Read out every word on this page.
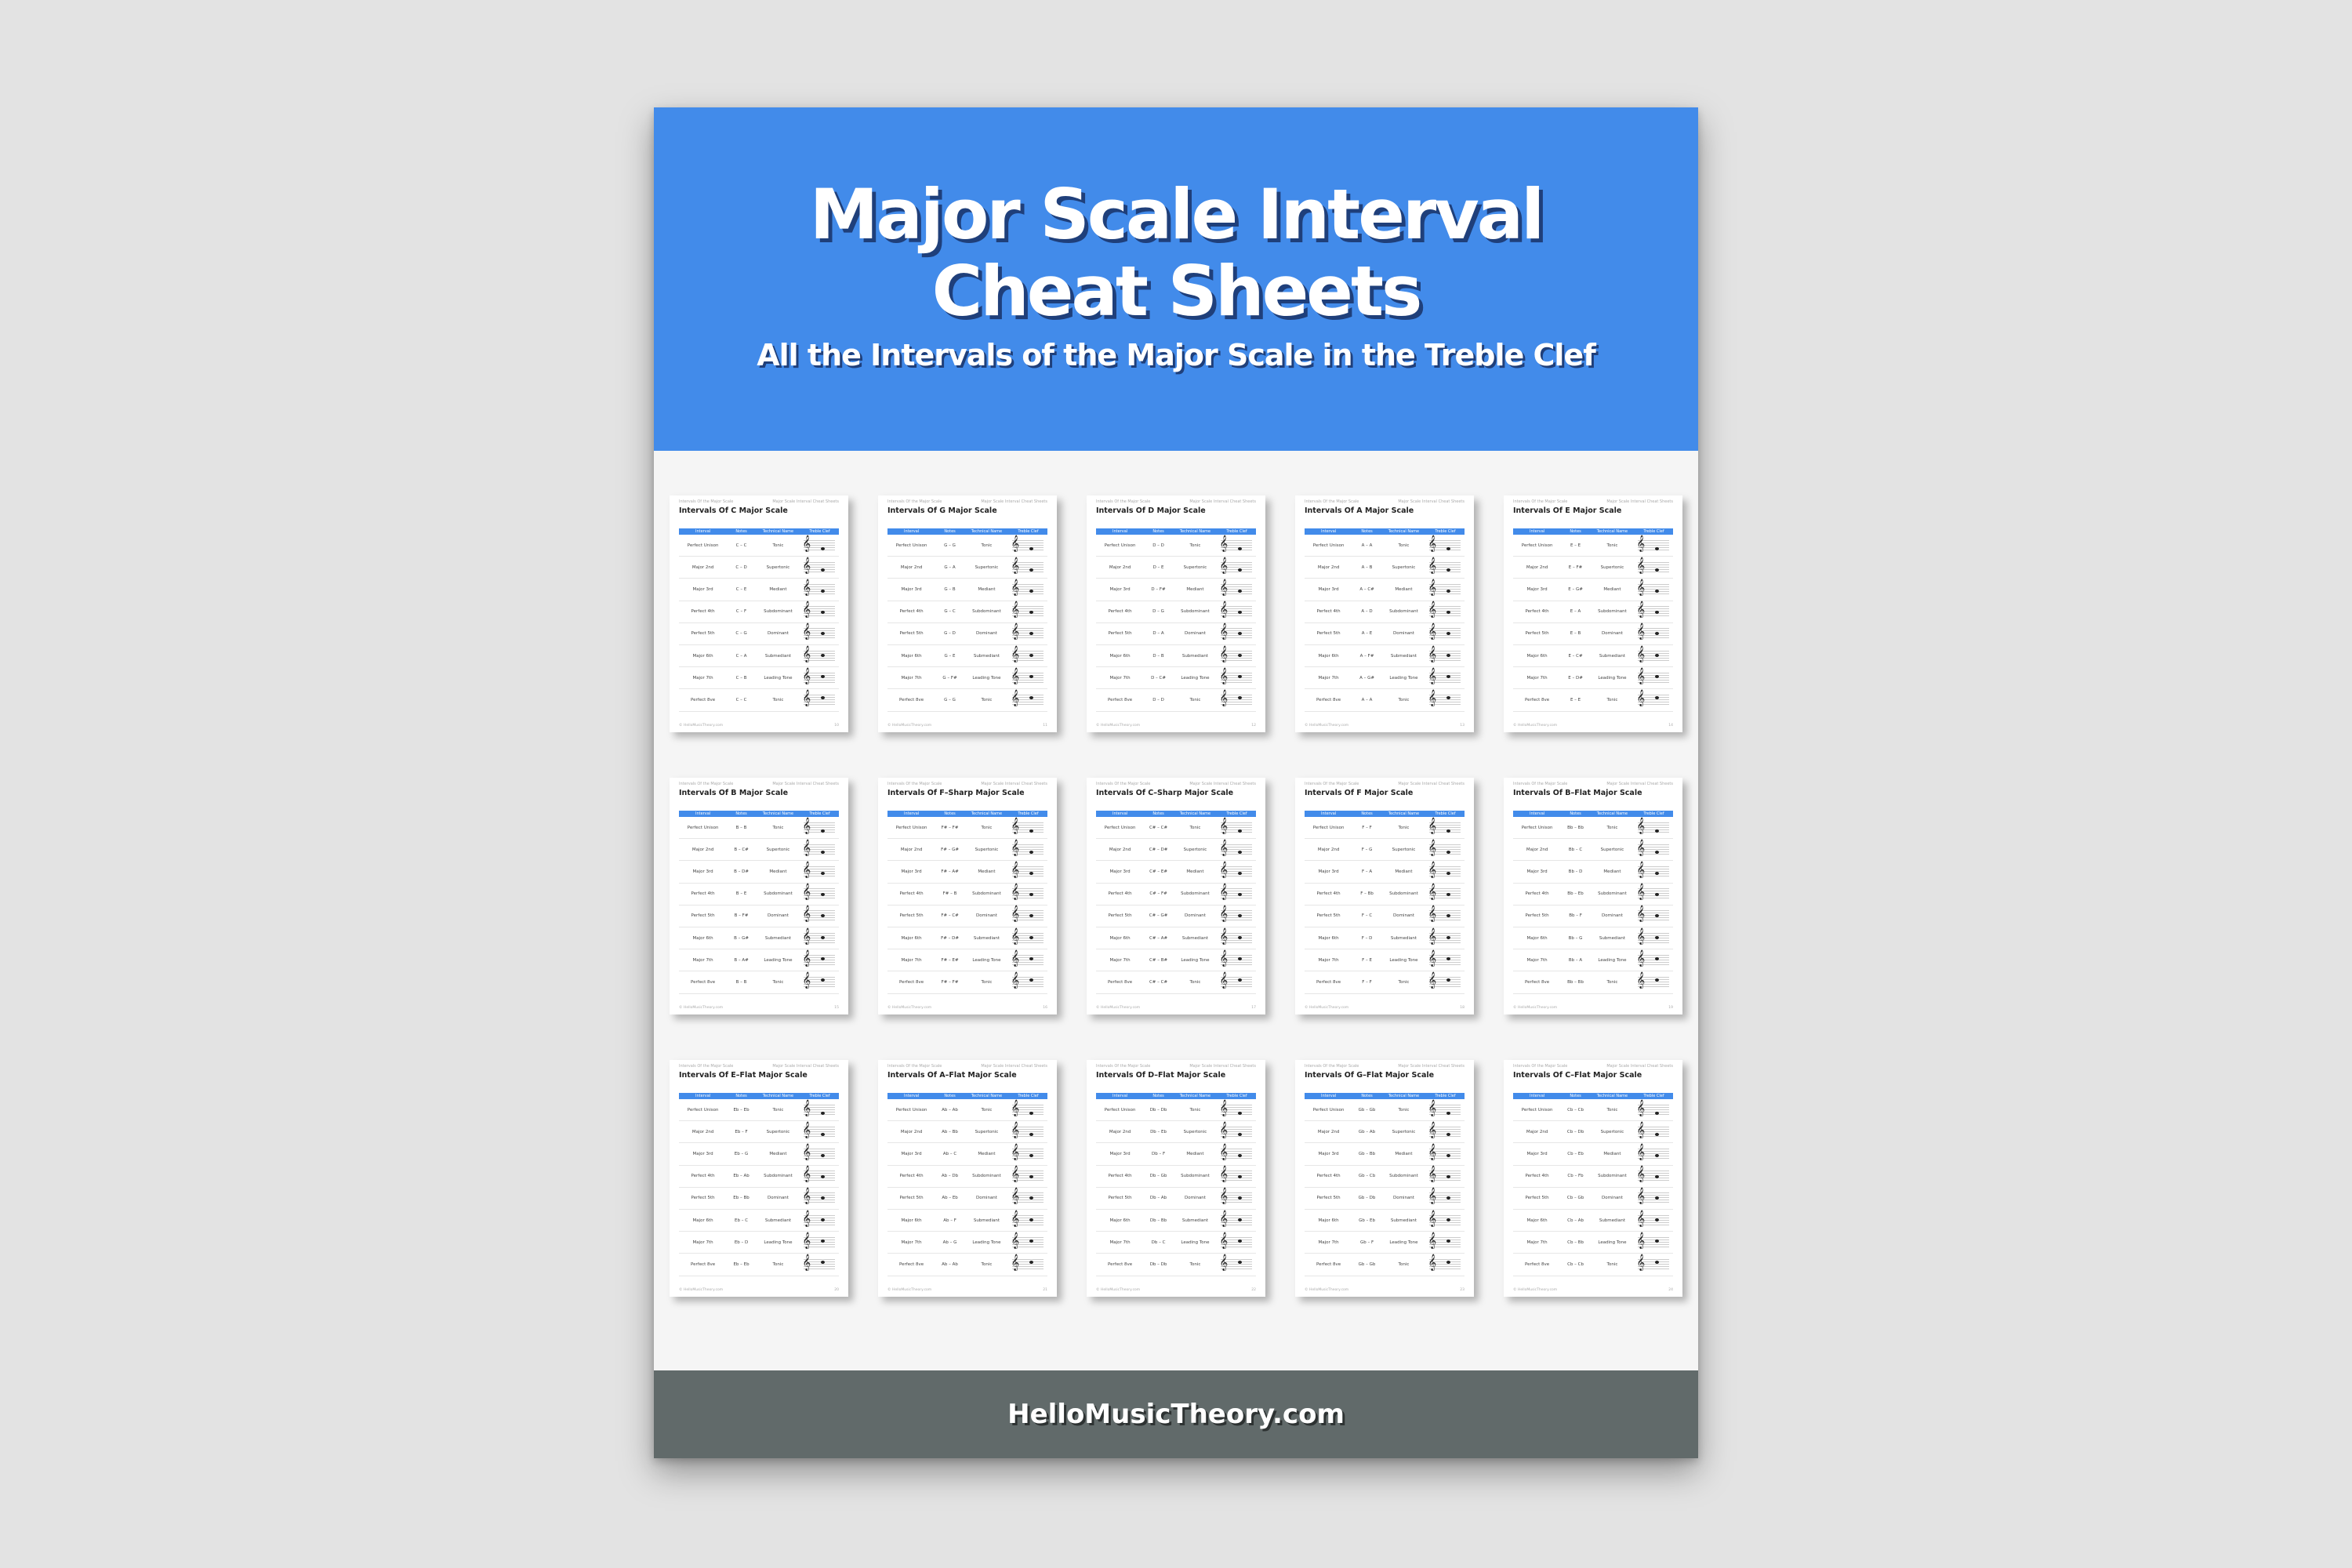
Major Scale Interval
Cheat Sheets
All the Intervals of the Major Scale in the Treble Clef
Major Scale Interval Cheat Sheets
Intervals Of the Major Scale
Intervals Of C Major Scale
Interval	Notes	Technical Name	Treble Clef
Perfect Unison	C – C	Tonic	𝄞
Major 2nd	C – D	Supertonic 𝄞
Major 3rd	C – E	Mediant	𝄞
Perfect 4th	C – F	Subdominant 𝄞
Perfect 5th	C – G	Dominant 𝄞
Major 6th	C – A	Submediant 𝄞
Major 7th	C – B	Leading Tone 𝄞
Perfect 8ve	C – C	Tonic	𝄞
10
© HelloMusicTheory.com
Major Scale Interval Cheat Sheets
Intervals Of the Major Scale
Intervals Of G Major Scale
Interval	Notes	Technical Name	Treble Clef
Perfect Unison	G – G	Tonic	𝄞
Major 2nd	G – A	Supertonic 𝄞
Major 3rd	G – B	Mediant	𝄞
Perfect 4th	G – C	Subdominant 𝄞
Perfect 5th	G – D	Dominant 𝄞
Major 6th	G – E	Submediant 𝄞
Major 7th	G – F#	Leading Tone 𝄞
Perfect 8ve	G – G	Tonic	𝄞
11
© HelloMusicTheory.com
Major Scale Interval Cheat Sheets
Intervals Of the Major Scale
Intervals Of D Major Scale
Interval	Notes	Technical Name	Treble Clef
Perfect Unison	D – D	Tonic	𝄞
Major 2nd	D – E	Supertonic 𝄞
Major 3rd	D – F#	Mediant	𝄞
Perfect 4th	D – G	Subdominant 𝄞
Perfect 5th	D – A	Dominant 𝄞
Major 6th	D – B	Submediant 𝄞
Major 7th	D – C#	Leading Tone 𝄞
Perfect 8ve	D – D	Tonic	𝄞
12
© HelloMusicTheory.com
Major Scale Interval Cheat Sheets
Intervals Of the Major Scale
Intervals Of A Major Scale
Interval	Notes	Technical Name	Treble Clef
Perfect Unison	A – A	Tonic	𝄞
Major 2nd	A – B	Supertonic 𝄞
Major 3rd	A – C#	Mediant	𝄞
Perfect 4th	A – D	Subdominant 𝄞
Perfect 5th	A – E	Dominant 𝄞
Major 6th	A – F#	Submediant 𝄞
Major 7th	A – G#	Leading Tone 𝄞
Perfect 8ve	A – A	Tonic	𝄞
13
© HelloMusicTheory.com
Major Scale Interval Cheat Sheets
Intervals Of the Major Scale
Intervals Of E Major Scale
Interval	Notes	Technical Name	Treble Clef
Perfect Unison	E – E	Tonic	𝄞
Major 2nd	E – F#	Supertonic 𝄞
Major 3rd	E – G#	Mediant	𝄞
Perfect 4th	E – A	Subdominant 𝄞
Perfect 5th	E – B	Dominant 𝄞
Major 6th	E – C#	Submediant 𝄞
Major 7th	E – D#	Leading Tone 𝄞
Perfect 8ve	E – E	Tonic	𝄞
14
© HelloMusicTheory.com
Major Scale Interval Cheat Sheets
Intervals Of the Major Scale
Intervals Of B Major Scale
Interval	Notes	Technical Name	Treble Clef
Perfect Unison	B – B	Tonic	𝄞
Major 2nd	B – C#	Supertonic 𝄞
Major 3rd	B – D#	Mediant	𝄞
Perfect 4th	B – E	Subdominant 𝄞
Perfect 5th	B – F#	Dominant 𝄞
Major 6th	B – G#	Submediant 𝄞
Major 7th	B – A#	Leading Tone 𝄞
Perfect 8ve	B – B	Tonic	𝄞
15
© HelloMusicTheory.com
Major Scale Interval Cheat Sheets
Intervals Of the Major Scale
Intervals Of F–Sharp Major Scale
Interval	Notes	Technical Name	Treble Clef
Perfect Unison	F# – F#	Tonic	𝄞
Major 2nd	F# – G#	Supertonic 𝄞
Major 3rd	F# – A#	Mediant	𝄞
Perfect 4th	F# – B	Subdominant 𝄞
Perfect 5th	F# – C#	Dominant 𝄞
Major 6th	F# – D#	Submediant 𝄞
Major 7th	F# – E#	Leading Tone 𝄞
Perfect 8ve	F# – F#	Tonic	𝄞
16
© HelloMusicTheory.com
Major Scale Interval Cheat Sheets
Intervals Of the Major Scale
Intervals Of C–Sharp Major Scale
Interval	Notes	Technical Name	Treble Clef
Perfect Unison	C# – C#	Tonic	𝄞
Major 2nd	C# – D#	Supertonic 𝄞
Major 3rd	C# – E#	Mediant	𝄞
Perfect 4th	C# – F#	Subdominant 𝄞
Perfect 5th	C# – G#	Dominant 𝄞
Major 6th	C# – A#	Submediant 𝄞
Major 7th	C# – B#	Leading Tone 𝄞
Perfect 8ve	C# – C#	Tonic	𝄞
17
© HelloMusicTheory.com
Major Scale Interval Cheat Sheets
Intervals Of the Major Scale
Intervals Of F Major Scale
Interval	Notes	Technical Name	Treble Clef
Perfect Unison	F – F	Tonic	𝄞
Major 2nd	F – G	Supertonic 𝄞
Major 3rd	F – A	Mediant	𝄞
Perfect 4th	F – Bb	Subdominant 𝄞
Perfect 5th	F – C	Dominant 𝄞
Major 6th	F – D	Submediant 𝄞
Major 7th	F – E	Leading Tone 𝄞
Perfect 8ve	F – F	Tonic	𝄞
18
© HelloMusicTheory.com
Major Scale Interval Cheat Sheets
Intervals Of the Major Scale
Intervals Of B–Flat Major Scale
Interval	Notes	Technical Name	Treble Clef
Perfect Unison	Bb – Bb	Tonic	𝄞
Major 2nd	Bb – C	Supertonic 𝄞
Major 3rd	Bb – D	Mediant	𝄞
Perfect 4th	Bb – Eb	Subdominant 𝄞
Perfect 5th	Bb – F	Dominant 𝄞
Major 6th	Bb – G	Submediant 𝄞
Major 7th	Bb – A	Leading Tone 𝄞
Perfect 8ve	Bb – Bb	Tonic	𝄞
19
© HelloMusicTheory.com
Major Scale Interval Cheat Sheets
Intervals Of the Major Scale
Intervals Of E–Flat Major Scale
Interval	Notes	Technical Name	Treble Clef
Perfect Unison	Eb – Eb	Tonic	𝄞
Major 2nd	Eb – F	Supertonic 𝄞
Major 3rd	Eb – G	Mediant	𝄞
Perfect 4th	Eb – Ab	Subdominant 𝄞
Perfect 5th	Eb – Bb	Dominant 𝄞
Major 6th	Eb – C	Submediant 𝄞
Major 7th	Eb – D	Leading Tone 𝄞
Perfect 8ve	Eb – Eb	Tonic	𝄞
20
© HelloMusicTheory.com
Major Scale Interval Cheat Sheets
Intervals Of the Major Scale
Intervals Of A–Flat Major Scale
Interval	Notes	Technical Name	Treble Clef
Perfect Unison	Ab – Ab	Tonic	𝄞
Major 2nd	Ab – Bb	Supertonic 𝄞
Major 3rd	Ab – C	Mediant	𝄞
Perfect 4th	Ab – Db	Subdominant 𝄞
Perfect 5th	Ab – Eb	Dominant 𝄞
Major 6th	Ab – F	Submediant 𝄞
Major 7th	Ab – G	Leading Tone 𝄞
Perfect 8ve	Ab – Ab	Tonic	𝄞
21
© HelloMusicTheory.com
Major Scale Interval Cheat Sheets
Intervals Of the Major Scale
Intervals Of D–Flat Major Scale
Interval	Notes	Technical Name	Treble Clef
Perfect Unison	Db – Db	Tonic	𝄞
Major 2nd	Db – Eb	Supertonic 𝄞
Major 3rd	Db – F	Mediant	𝄞
Perfect 4th	Db – Gb	Subdominant 𝄞
Perfect 5th	Db – Ab	Dominant 𝄞
Major 6th	Db – Bb	Submediant 𝄞
Major 7th	Db – C	Leading Tone 𝄞
Perfect 8ve	Db – Db	Tonic	𝄞
22
© HelloMusicTheory.com
Major Scale Interval Cheat Sheets
Intervals Of the Major Scale
Intervals Of G–Flat Major Scale
Interval	Notes	Technical Name	Treble Clef
Perfect Unison	Gb – Gb	Tonic	𝄞
Major 2nd	Gb – Ab	Supertonic 𝄞
Major 3rd	Gb – Bb	Mediant	𝄞
Perfect 4th	Gb – Cb	Subdominant 𝄞
Perfect 5th	Gb – Db	Dominant 𝄞
Major 6th	Gb – Eb	Submediant 𝄞
Major 7th	Gb – F	Leading Tone 𝄞
Perfect 8ve	Gb – Gb	Tonic	𝄞
23
© HelloMusicTheory.com
Major Scale Interval Cheat Sheets
Intervals Of the Major Scale
Intervals Of C–Flat Major Scale
Interval	Notes	Technical Name	Treble Clef
Perfect Unison	Cb – Cb	Tonic	𝄞
Major 2nd	Cb – Db	Supertonic 𝄞
Major 3rd	Cb – Eb	Mediant	𝄞
Perfect 4th	Cb – Fb	Subdominant 𝄞
Perfect 5th	Cb – Gb	Dominant 𝄞
Major 6th	Cb – Ab	Submediant 𝄞
Major 7th	Cb – Bb	Leading Tone 𝄞
Perfect 8ve	Cb – Cb	Tonic	𝄞
24
© HelloMusicTheory.com
HelloMusicTheory.com
